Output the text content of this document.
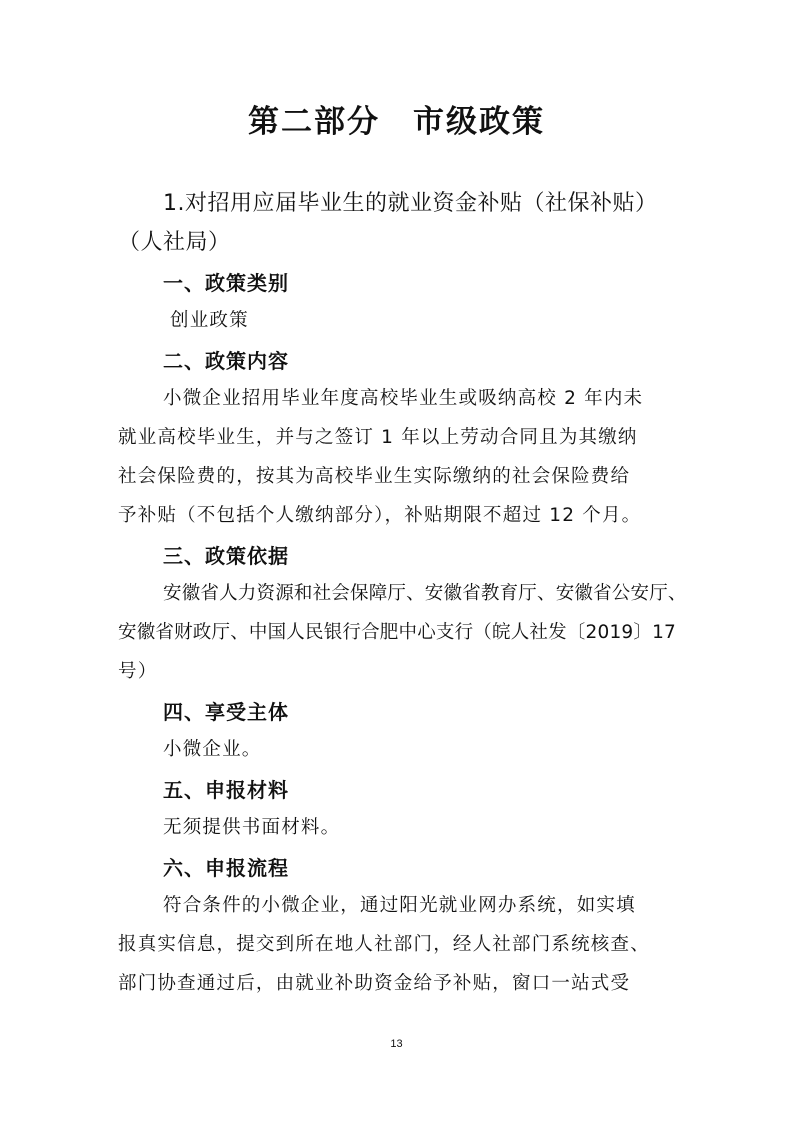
第二部分　市级政策
1.对招用应届毕业生的就业资金补贴（社保补贴）
（人社局）
一、政策类别
创业政策
二、政策内容
小微企业招用毕业年度高校毕业生或吸纳高校 2 年内未
就业高校毕业生，并与之签订 1 年以上劳动合同且为其缴纳
社会保险费的，按其为高校毕业生实际缴纳的社会保险费给
予补贴（不包括个人缴纳部分），补贴期限不超过 12 个月。
三、政策依据
安徽省人力资源和社会保障厅、安徽省教育厅、安徽省公安厅、
安徽省财政厅、中国人民银行合肥中心支行（皖人社发〔2019〕17
号）
四、享受主体
小微企业。
五、申报材料
无须提供书面材料。
六、申报流程
符合条件的小微企业，通过阳光就业网办系统，如实填
报真实信息，提交到所在地人社部门，经人社部门系统核查、
部门协查通过后，由就业补助资金给予补贴，窗口一站式受
13
